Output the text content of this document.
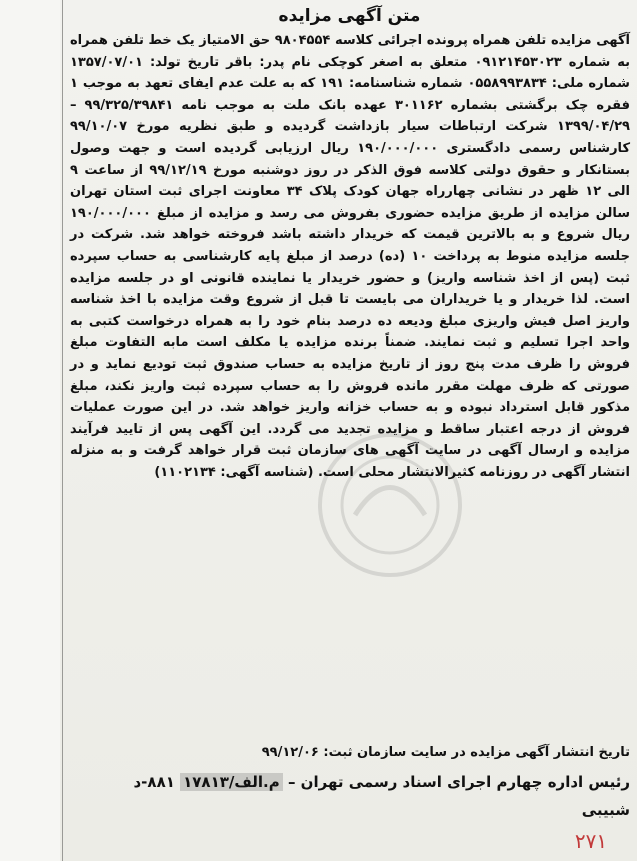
متن آگهی مزایده

آگهی مزایده تلفن همراه پرونده اجرائی کلاسه ۹۸۰۴۵۵۴ حق الامتیاز یک خط تلفن همراه به شماره ۰۹۱۲۱۴۵۳۰۲۳ متعلق به اصغر کوچکی نام پدر: باقر تاریخ تولد: ۱۳۵۷/۰۷/۰۱ شماره ملی: ۰۵۵۸۹۹۳۸۳۴ شماره شناسنامه: ۱۹۱ که به علت عدم ایفای تعهد به موجب ۱ فقره چک برگشتی بشماره ۳۰۱۱۶۲ عهده بانک ملت به موجب نامه ۹۹/۳۲۵/۳۹۸۴۱ – ۱۳۹۹/۰۴/۲۹ شرکت ارتباطات سیار بازداشت گردیده و طبق نظریه مورخ ۹۹/۱۰/۰۷ کارشناس رسمی دادگستری ۱۹۰/۰۰۰/۰۰۰ ریال ارزیابی گردیده است و جهت وصول بستانکار و حقوق دولتی کلاسه فوق الذکر در روز دوشنبه مورخ ۹۹/۱۲/۱۹ از ساعت ۹ الی ۱۲ ظهر در نشانی چهارراه جهان کودک پلاک ۳۴ معاونت اجرای ثبت استان تهران سالن مزایده از طریق مزایده حضوری بفروش می رسد و مزایده از مبلغ ۱۹۰/۰۰۰/۰۰۰ ریال شروع و به بالاترین قیمت که خریدار داشته باشد فروخته خواهد شد. شرکت در جلسه مزایده منوط به پرداخت ۱۰ (ده) درصد از مبلغ پایه کارشناسی به حساب سپرده ثبت (پس از اخذ شناسه واریز) و حضور خریدار یا نماینده قانونی او در جلسه مزایده است. لذا خریدار و یا خریداران می بایست تا قبل از شروع وقت مزایده با اخذ شناسه واریز اصل فیش واریزی مبلغ ودیعه ده درصد بنام خود را به همراه درخواست کتبی به واحد اجرا تسلیم و ثبت نمایند. ضمناً برنده مزایده یا مکلف است مابه التفاوت مبلغ فروش را ظرف مدت پنج روز از تاریخ مزایده به حساب صندوق ثبت تودیع نماید و در صورتی که ظرف مهلت مقرر مانده فروش را به حساب سپرده ثبت واریز نکند، مبلغ مذکور قابل استرداد نبوده و به حساب خزانه واریز خواهد شد. در این صورت عملیات فروش از درجه اعتبار ساقط و مزایده تجدید می گردد. این آگهی پس از تایید فرآیند مزایده و ارسال آگهی در سایت آگهی های سازمان ثبت قرار خواهد گرفت و به منزله انتشار آگهی در روزنامه کثیرالانتشار محلی است. (شناسه آگهی: ۱۱۰۲۱۳۴)

تاریخ انتشار آگهی مزایده در سایت سازمان ثبت: ۹۹/۱۲/۰۶
رئیس اداره چهارم اجرای اسناد رسمی تهران – م.الف/۱۷۸۱۳ ۸۸۱-د
شبیبی
۲۷۱
